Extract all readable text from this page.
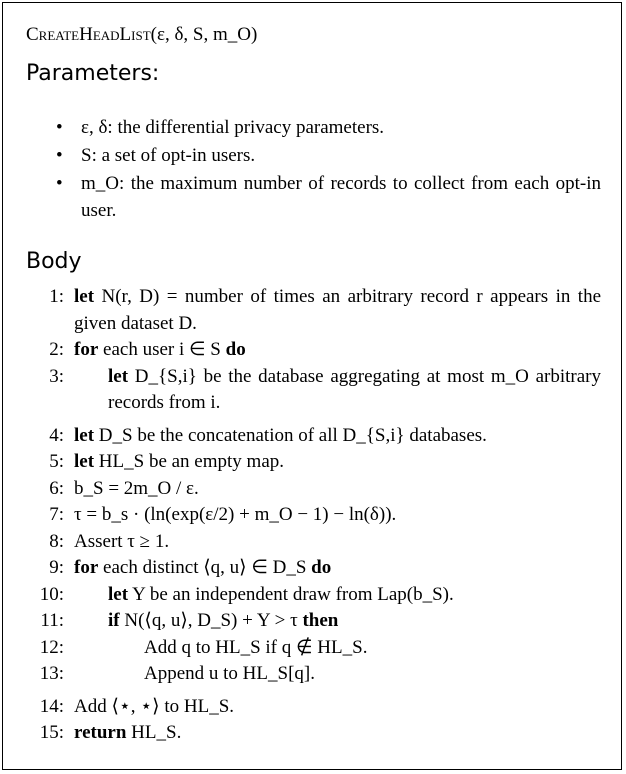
CreateHeadList(ε, δ, S, m_O)
Parameters:
• ε, δ: the differential privacy parameters.
• S: a set of opt-in users.
• m_O: the maximum number of records to collect from each opt-in user.
Body
1: let N(r, D) = number of times an arbitrary record r appears in the given dataset D.
2: for each user i ∈ S do
3:	let D_{S,i} be the database aggregating at most m_O arbitrary records from i.
4: let D_S be the concatenation of all D_{S,i} databases.
5: let HL_S be an empty map.
6: b_S = 2m_O / ε.
7: τ = b_s · (ln(exp(ε/2) + m_O − 1) − ln(δ)).
8: Assert τ ≥ 1.
9: for each distinct ⟨q, u⟩ ∈ D_S do
10:	let Y be an independent draw from Lap(b_S).
11:	if N(⟨q, u⟩, D_S) + Y > τ then
12:	Add q to HL_S if q ∉ HL_S.
13:	Append u to HL_S[q].
14: Add ⟨⋆, ⋆⟩ to HL_S.
15: return HL_S.
